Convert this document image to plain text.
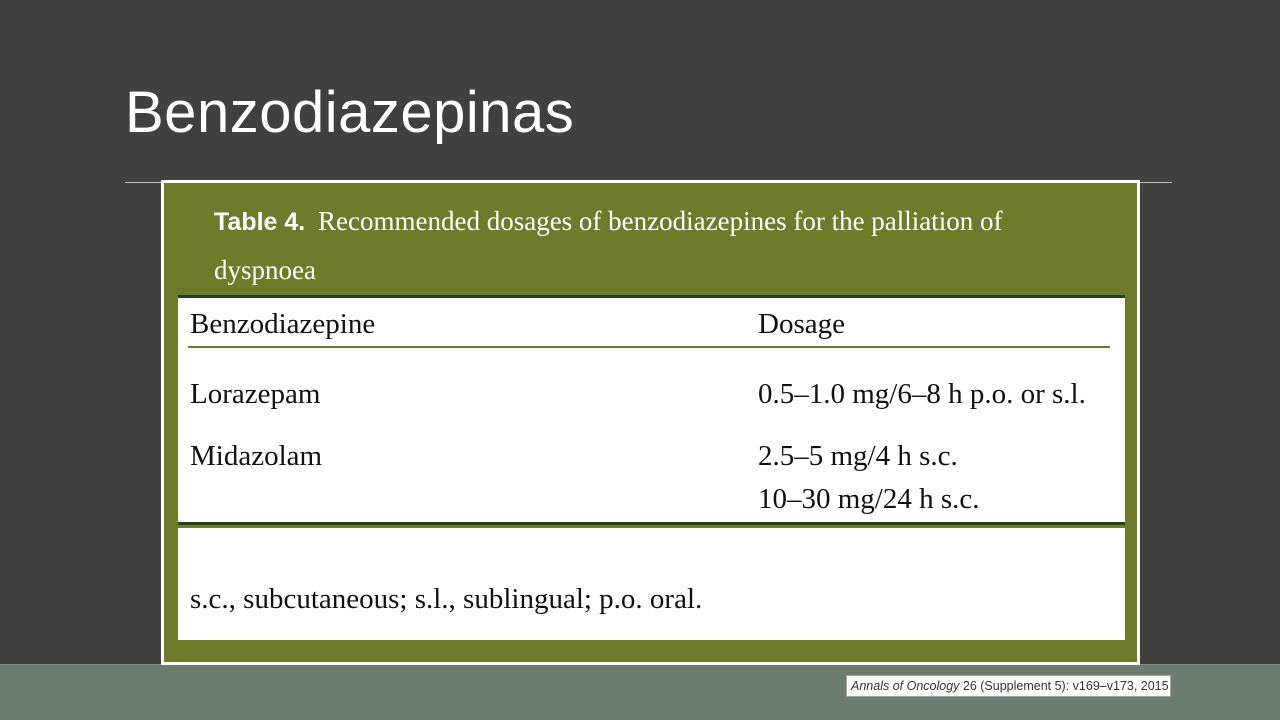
Benzodiazepinas

Table 4. Recommended dosages of benzodiazepines for the palliation of dyspnoea

Benzodiazepine	Dosage
Lorazepam	0.5–1.0 mg/6–8 h p.o. or s.l.
Midazolam	2.5–5 mg/4 h s.c.
10–30 mg/24 h s.c.
s.c., subcutaneous; s.l., sublingual; p.o. oral.
Annals of Oncology 26 (Supplement 5): v169–v173, 2015
